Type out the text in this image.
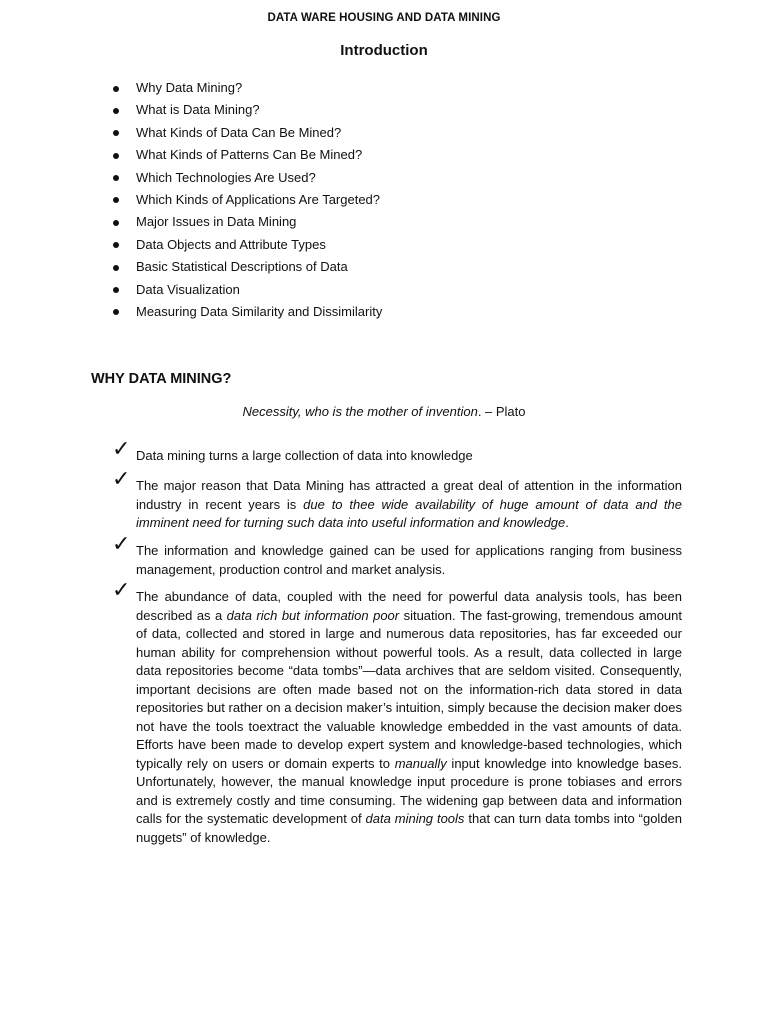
DATA WARE HOUSING AND DATA MINING
Introduction
Why Data Mining?
What is Data Mining?
What Kinds of Data Can Be Mined?
What Kinds of Patterns Can Be Mined?
Which Technologies Are Used?
Which Kinds of Applications Are Targeted?
Major Issues in Data Mining
Data Objects and Attribute Types
Basic Statistical Descriptions of Data
Data Visualization
Measuring Data Similarity and Dissimilarity
WHY DATA MINING?
Necessity, who is the mother of invention. – Plato
✓ Data mining turns a large collection of data into knowledge
✓ The major reason that Data Mining has attracted a great deal of attention in the information industry in recent years is due to thee wide availability of huge amount of data and the imminent need for turning such data into useful information and knowledge.
✓ The information and knowledge gained can be used for applications ranging from business management, production control and market analysis.
✓ The abundance of data, coupled with the need for powerful data analysis tools, has been described as a data rich but information poor situation. The fast-growing, tremendous amount of data, collected and stored in large and numerous data repositories, has far exceeded our human ability for comprehension without powerful tools. As a result, data collected in large data repositories become “data tombs”—data archives that are seldom visited. Consequently, important decisions are often made based not on the information-rich data stored in data repositories but rather on a decision maker’s intuition, simply because the decision maker does not have the tools toextract the valuable knowledge embedded in the vast amounts of data. Efforts have been made to develop expert system and knowledge-based technologies, which typically rely on users or domain experts to manually input knowledge into knowledge bases. Unfortunately, however, the manual knowledge input procedure is prone tobiases and errors and is extremely costly and time consuming. The widening gap between data and information calls for the systematic development of data mining tools that can turn data tombs into “golden nuggets” of knowledge.
